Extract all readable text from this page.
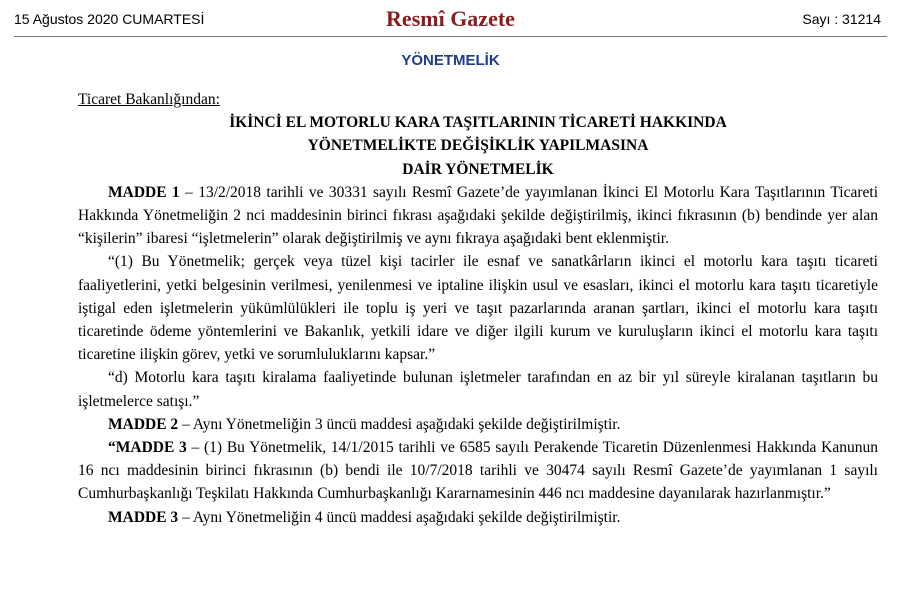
15 Ağustos 2020 CUMARTESİ	Resmî Gazete	Sayı : 31214
YÖNETMELİK

Ticaret Bakanlığından:

İKİNCİ EL MOTORLU KARA TAŞITLARININ TİCARETİ HAKKINDA

YÖNETMELİKTE DEĞİŞİKLİK YAPILMASINA

DAİR YÖNETMELİK

MADDE 1 – 13/2/2018 tarihli ve 30331 sayılı Resmî Gazete’de yayımlanan İkinci El Motorlu Kara Taşıtlarının Ticareti Hakkında Yönetmeliğin 2 nci maddesinin birinci fıkrası aşağıdaki şekilde değiştirilmiş, ikinci fıkrasının (b) bendinde yer alan “kişilerin” ibaresi “işletmelerin” olarak değiştirilmiş ve aynı fıkraya aşağıdaki bent eklenmiştir.

“(1) Bu Yönetmelik; gerçek veya tüzel kişi tacirler ile esnaf ve sanatkârların ikinci el motorlu kara taşıtı ticareti faaliyetlerini, yetki belgesinin verilmesi, yenilenmesi ve iptaline ilişkin usul ve esasları, ikinci el motorlu kara taşıtı ticaretiyle iştigal eden işletmelerin yükümlülükleri ile toplu iş yeri ve taşıt pazarlarında aranan şartları, ikinci el motorlu kara taşıtı ticaretinde ödeme yöntemlerini ve Bakanlık, yetkili idare ve diğer ilgili kurum ve kuruluşların ikinci el motorlu kara taşıtı ticaretine ilişkin görev, yetki ve sorumluluklarını kapsar.”

“d) Motorlu kara taşıtı kiralama faaliyetinde bulunan işletmeler tarafından en az bir yıl süreyle kiralanan taşıtların bu işletmelerce satışı.”

MADDE 2 – Aynı Yönetmeliğin 3 üncü maddesi aşağıdaki şekilde değiştirilmiştir.

“MADDE 3 – (1) Bu Yönetmelik, 14/1/2015 tarihli ve 6585 sayılı Perakende Ticaretin Düzenlenmesi Hakkında Kanunun 16 ncı maddesinin birinci fıkrasının (b) bendi ile 10/7/2018 tarihli ve 30474 sayılı Resmî Gazete’de yayımlanan 1 sayılı Cumhurbaşkanlığı Teşkilatı Hakkında Cumhurbaşkanlığı Kararnamesinin 446 ncı maddesine dayanılarak hazırlanmıştır.”

MADDE 3 – Aynı Yönetmeliğin 4 üncü maddesi aşağıdaki şekilde değiştirilmiştir.
